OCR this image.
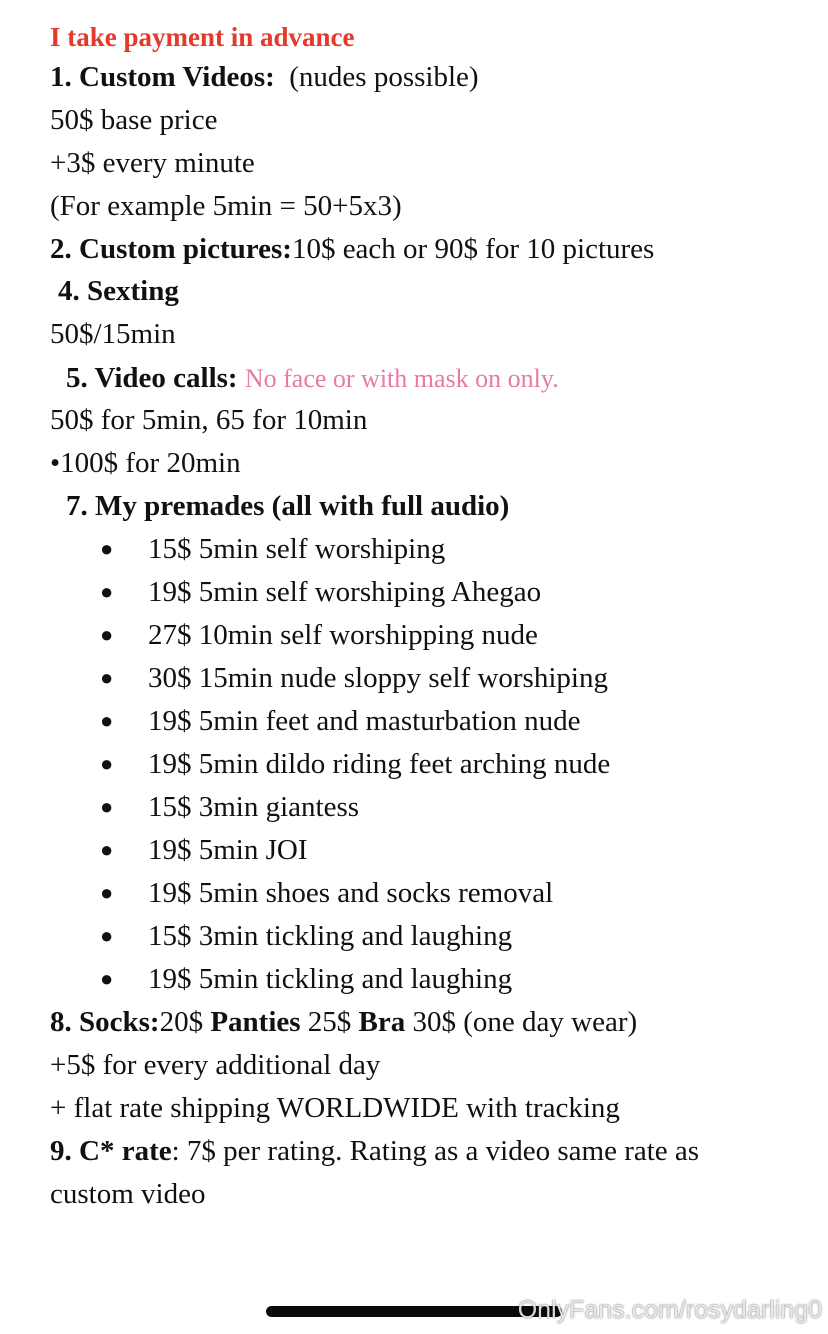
I take payment in advance
1. Custom Videos: (nudes possible)
50$ base price
+3$ every minute
(For example 5min = 50+5x3)
2. Custom pictures:10$ each or 90$ for 10 pictures
4. Sexting
50$/15min
5. Video calls: No face or with mask on only.
50$ for 5min, 65 for 10min
•100$ for 20min
7. My premades (all with full audio)
● 15$ 5min self worshiping
● 19$ 5min self worshiping Ahegao
● 27$ 10min self worshipping nude
● 30$ 15min nude sloppy self worshiping
● 19$ 5min feet and masturbation nude
● 19$ 5min dildo riding feet arching nude
● 15$ 3min giantess
● 19$ 5min JOI
● 19$ 5min shoes and socks removal
● 15$ 3min tickling and laughing
● 19$ 5min tickling and laughing
8. Socks:20$ Panties 25$ Bra 30$ (one day wear)
+5$ for every additional day
+ flat rate shipping WORLDWIDE with tracking
9. C* rate: 7$ per rating. Rating as a video same rate as
custom video
OnlyFans.com/rosydarling0
